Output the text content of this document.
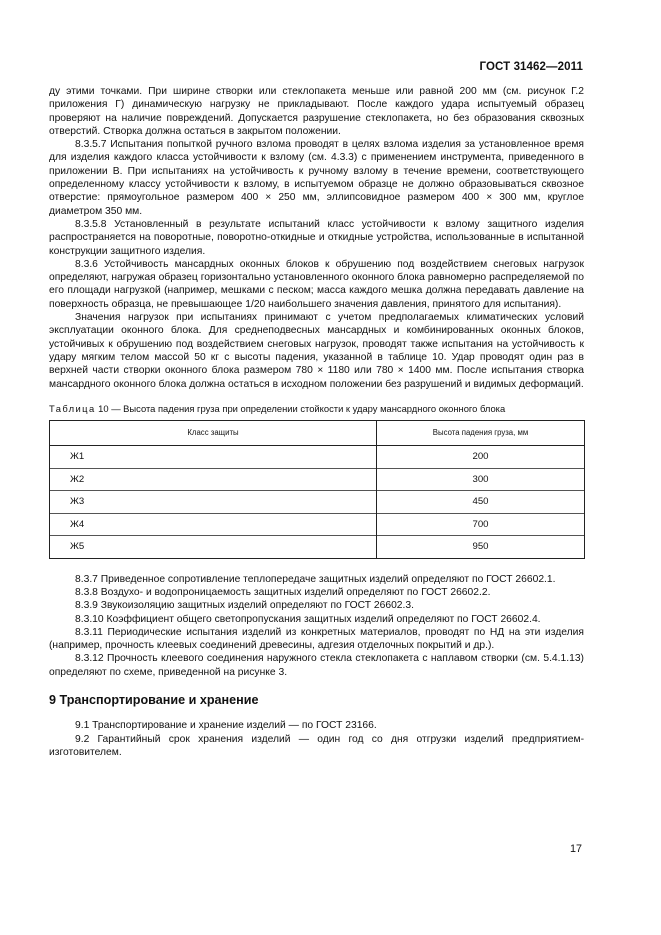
ГОСТ 31462—2011

ду этими точками. При ширине створки или стеклопакета меньше или равной 200 мм (см. рисунок Г.2 приложения Г) динамическую нагрузку не прикладывают. После каждого удара испытуемый образец проверяют на наличие повреждений. Допускается разрушение стеклопакета, но без образования сквозных отверстий. Створка должна остаться в закрытом положении.

8.3.5.7 Испытания попыткой ручного взлома проводят в целях взлома изделия за установленное время для изделия каждого класса устойчивости к взлому (см. 4.3.3) с применением инструмента, приведенного в приложении В. При испытаниях на устойчивость к ручному взлому в течение времени, соответствующего определенному классу устойчивости к взлому, в испытуемом образце не должно образовываться сквозное отверстие: прямоугольное размером 400 × 250 мм, эллипсовидное размером 400 × 300 мм, круглое диаметром 350 мм.

8.3.5.8 Установленный в результате испытаний класс устойчивости к взлому защитного изделия распространяется на поворотные, поворотно-откидные и откидные устройства, использованные в испытанной конструкции защитного изделия.

8.3.6 Устойчивость мансардных оконных блоков к обрушению под воздействием снеговых нагрузок определяют, нагружая образец горизонтально установленного оконного блока равномерно распределяемой по его площади нагрузкой (например, мешками с песком; масса каждого мешка должна передавать давление на поверхность образца, не превышающее 1/20 наибольшего значения давления, принятого для испытания).

Значения нагрузок при испытаниях принимают с учетом предполагаемых климатических условий эксплуатации оконного блока. Для среднеподвесных мансардных и комбинированных оконных блоков, устойчивых к обрушению под воздействием снеговых нагрузок, проводят также испытания на устойчивость к удару мягким телом массой 50 кг с высоты падения, указанной в таблице 10. Удар проводят один раз в верхней части створки оконного блока размером 780 × 1180 или 780 × 1400 мм. После испытания створка мансардного оконного блока должна остаться в исходном положении без разрушений и видимых деформаций.

Таблица 10 — Высота падения груза при определении стойкости к удару мансардного оконного блока
Класс защиты	Высота падения груза, мм
Ж1	200
Ж2	300
Ж3	450
Ж4	700
Ж5	950

8.3.7 Приведенное сопротивление теплопередаче защитных изделий определяют по ГОСТ 26602.1.

8.3.8 Воздухо- и водопроницаемость защитных изделий определяют по ГОСТ 26602.2.

8.3.9 Звукоизоляцию защитных изделий определяют по ГОСТ 26602.3.

8.3.10 Коэффициент общего светопропускания защитных изделий определяют по ГОСТ 26602.4.

8.3.11 Периодические испытания изделий из конкретных материалов, проводят по НД на эти изделия (например, прочность клеевых соединений древесины, адгезия отделочных покрытий и др.).

8.3.12 Прочность клеевого соединения наружного стекла стеклопакета с наплавом створки (см. 5.4.1.13) определяют по схеме, приведенной на рисунке 3.

9 Транспортирование и хранение

9.1 Транспортирование и хранение изделий — по ГОСТ 23166.

9.2 Гарантийный срок хранения изделий — один год со дня отгрузки изделий предприятием-изготовителем.

17
